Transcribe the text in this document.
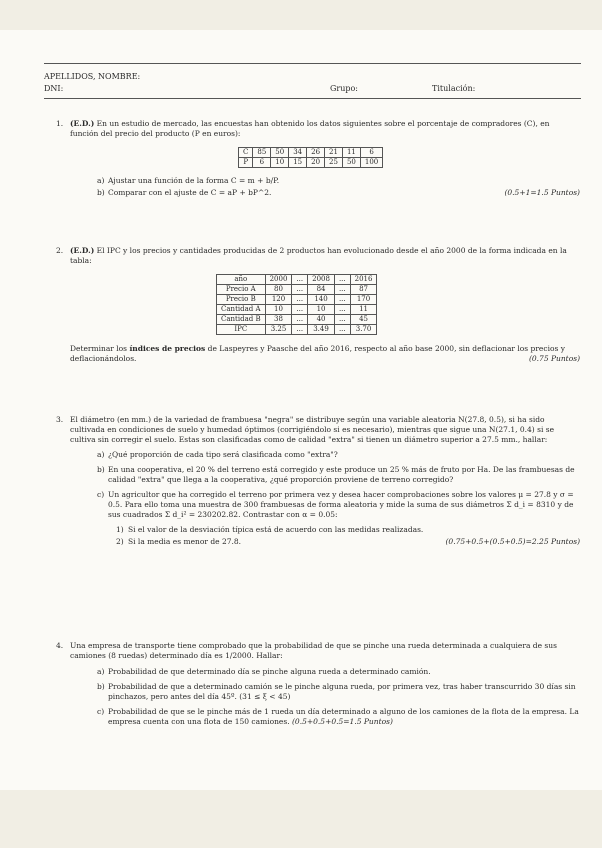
APELLIDOS, NOMBRE:
DNI:	Grupo:	Titulación:
1. (E.D.) En un estudio de mercado, las encuestas han obtenido los datos siguientes sobre el porcentaje de compradores (C), en función del precio del producto (P en euros):

C	85	50	34	26	21	11	6
P	6	10	15	20	25	50	100
a) Ajustar una función de la forma C = m + b/P.
b) Comparar con el ajuste de C = aP + bP^2.	(0.5+1=1.5 Puntos)
2. (E.D.) El IPC y los precios y cantidades producidas de 2 productos han evolucionado desde el año 2000 de la forma indicada en la tabla:

año	2000	...	2008	...	2016
Precio A	80	...	84	...	87
Precio B	120	...	140	...	170
Cantidad A	10	...	10	...	11
Cantidad B	38	...	40	...	45
IPC	3.25	...	3.49	...	3.70

Determinar los índices de precios de Laspeyres y Paasche del año 2016, respecto al año base 2000, sin deflacionar los precios y deflacionándolos.	(0.75 Puntos)

3. El diámetro (en mm.) de la variedad de frambuesa "negra" se distribuye según una variable aleatoria N(27.8, 0.5), si ha sido cultivada en condiciones de suelo y humedad óptimos (corrigiéndolo si es necesario), mientras que sigue una N(27.1, 0.4) si se cultiva sin corregir el suelo. Estas son clasificadas como de calidad "extra" si tienen un diámetro superior a 27.5 mm., hallar:

a) ¿Qué proporción de cada tipo será clasificada como "extra"?
b) En una cooperativa, el 20 % del terreno está corregido y este produce un 25 % más de fruto por Ha. De las frambuesas de calidad "extra" que llega a la cooperativa, ¿qué proporción proviene de terreno corregido?
c) Un agricultor que ha corregido el terreno por primera vez y desea hacer comprobaciones sobre los valores μ = 27.8 y σ = 0.5. Para ello toma una muestra de 300 frambuesas de forma aleatoria y mide la suma de sus diámetros Σ d_i = 8310 y de sus cuadrados Σ d_i² = 230202.82. Contrastar con α = 0.05:
1) Si el valor de la desviación típica está de acuerdo con las medidas realizadas.
2) Si la media es menor de 27.8.	(0.75+0.5+(0.5+0.5)=2.25 Puntos)
4. Una empresa de transporte tiene comprobado que la probabilidad de que se pinche una rueda determinada a cualquiera de sus camiones (8 ruedas) determinado día es 1/2000. Hallar:

a) Probabilidad de que determinado día se pinche alguna rueda a determinado camión.
b) Probabilidad de que a determinado camión se le pinche alguna rueda, por primera vez, tras haber transcurrido 30 días sin pinchazos, pero antes del día 45º. (31 ≤ ξ < 45)
c) Probabilidad de que se le pinche más de 1 rueda un día determinado a alguno de los camiones de la flota de la empresa. La empresa cuenta con una flota de 150 camiones. (0.5+0.5+0.5=1.5 Puntos)
